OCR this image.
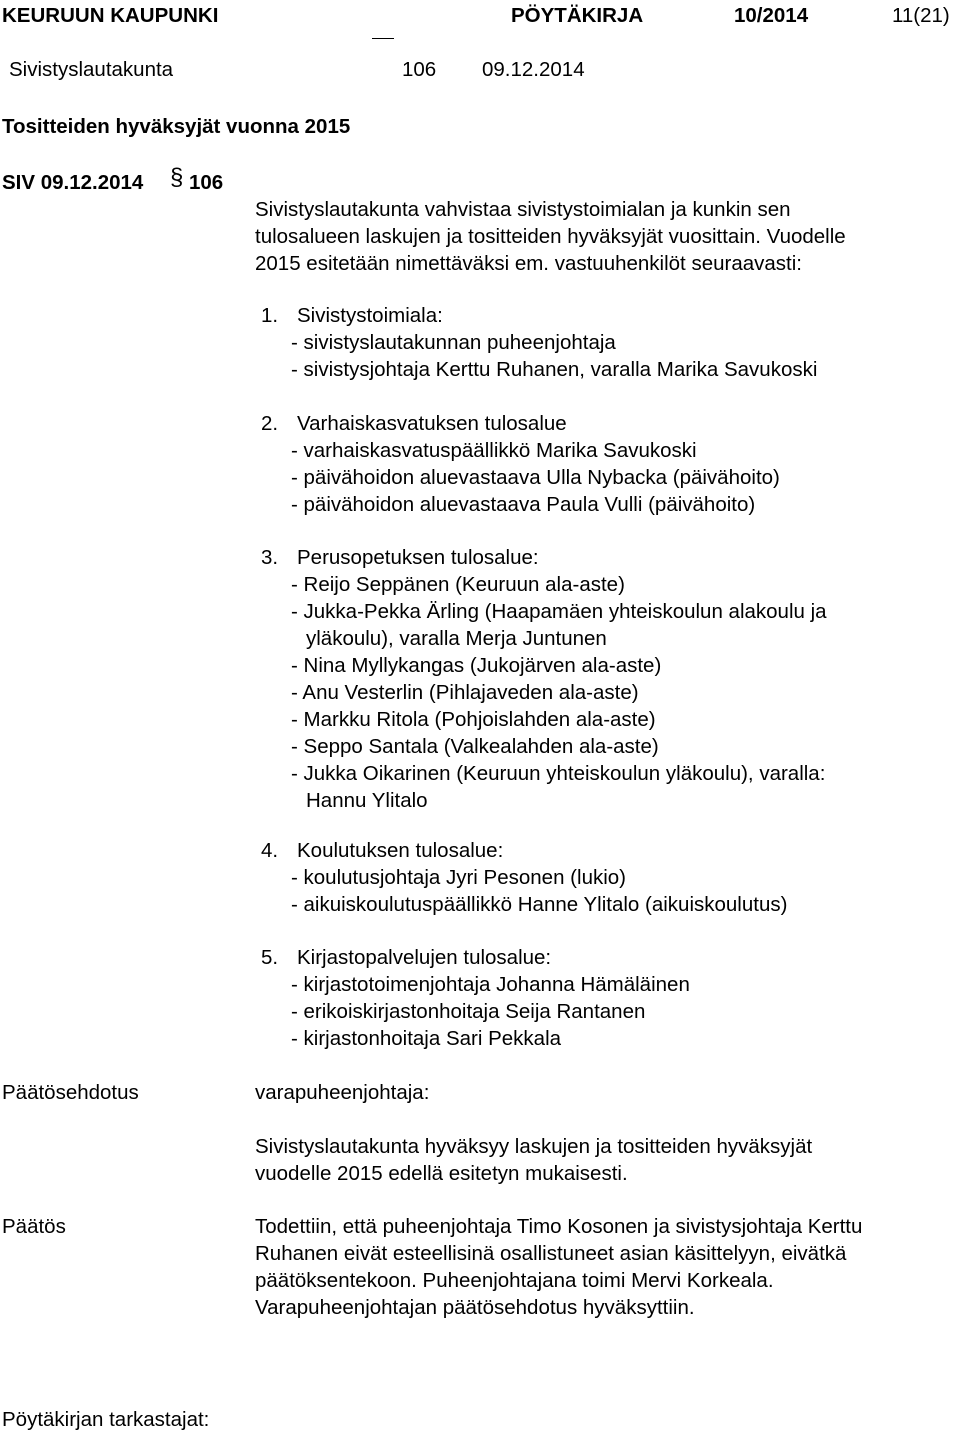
KEURUUN KAUPUNKI	PÖYTÄKIRJA	10/2014	11(21)
Sivistyslautakunta	106 09.12.2014
Tositteiden hyväksyjät vuonna 2015
SIV 09.12.2014 § 106
Sivistyslautakunta vahvistaa sivistystoimialan ja kunkin sen
tulosalueen laskujen ja tositteiden hyväksyjät vuosittain. Vuodelle
2015 esitetään nimettäväksi em. vastuuhenkilöt seuraavasti:
1. Sivistystoimiala:
- sivistyslautakunnan puheenjohtaja
- sivistysjohtaja Kerttu Ruhanen, varalla Marika Savukoski
2. Varhaiskasvatuksen tulosalue
- varhaiskasvatuspäällikkö Marika Savukoski
- päivähoidon aluevastaava Ulla Nybacka (päivähoito)
- päivähoidon aluevastaava Paula Vulli (päivähoito)
3. Perusopetuksen tulosalue:
- Reijo Seppänen (Keuruun ala-aste)
- Jukka-Pekka Ärling (Haapamäen yhteiskoulun alakoulu ja
yläkoulu), varalla Merja Juntunen
- Nina Myllykangas (Jukojärven ala-aste)
- Anu Vesterlin (Pihlajaveden ala-aste)
- Markku Ritola (Pohjoislahden ala-aste)
- Seppo Santala (Valkealahden ala-aste)
- Jukka Oikarinen (Keuruun yhteiskoulun yläkoulu), varalla:
Hannu Ylitalo
4. Koulutuksen tulosalue:
- koulutusjohtaja Jyri Pesonen (lukio)
- aikuiskoulutuspäällikkö Hanne Ylitalo (aikuiskoulutus)
5. Kirjastopalvelujen tulosalue:
- kirjastotoimenjohtaja Johanna Hämäläinen
- erikoiskirjastonhoitaja Seija Rantanen
- kirjastonhoitaja Sari Pekkala
Päätösehdotus	varapuheenjohtaja:
Sivistyslautakunta hyväksyy laskujen ja tositteiden hyväksyjät
vuodelle 2015 edellä esitetyn mukaisesti.
Päätös	Todettiin, että puheenjohtaja Timo Kosonen ja sivistysjohtaja Kerttu
Ruhanen eivät esteellisinä osallistuneet asian käsittelyyn, eivätkä
päätöksentekoon. Puheenjohtajana toimi Mervi Korkeala.
Varapuheenjohtajan päätösehdotus hyväksyttiin.
Pöytäkirjan tarkastajat:
